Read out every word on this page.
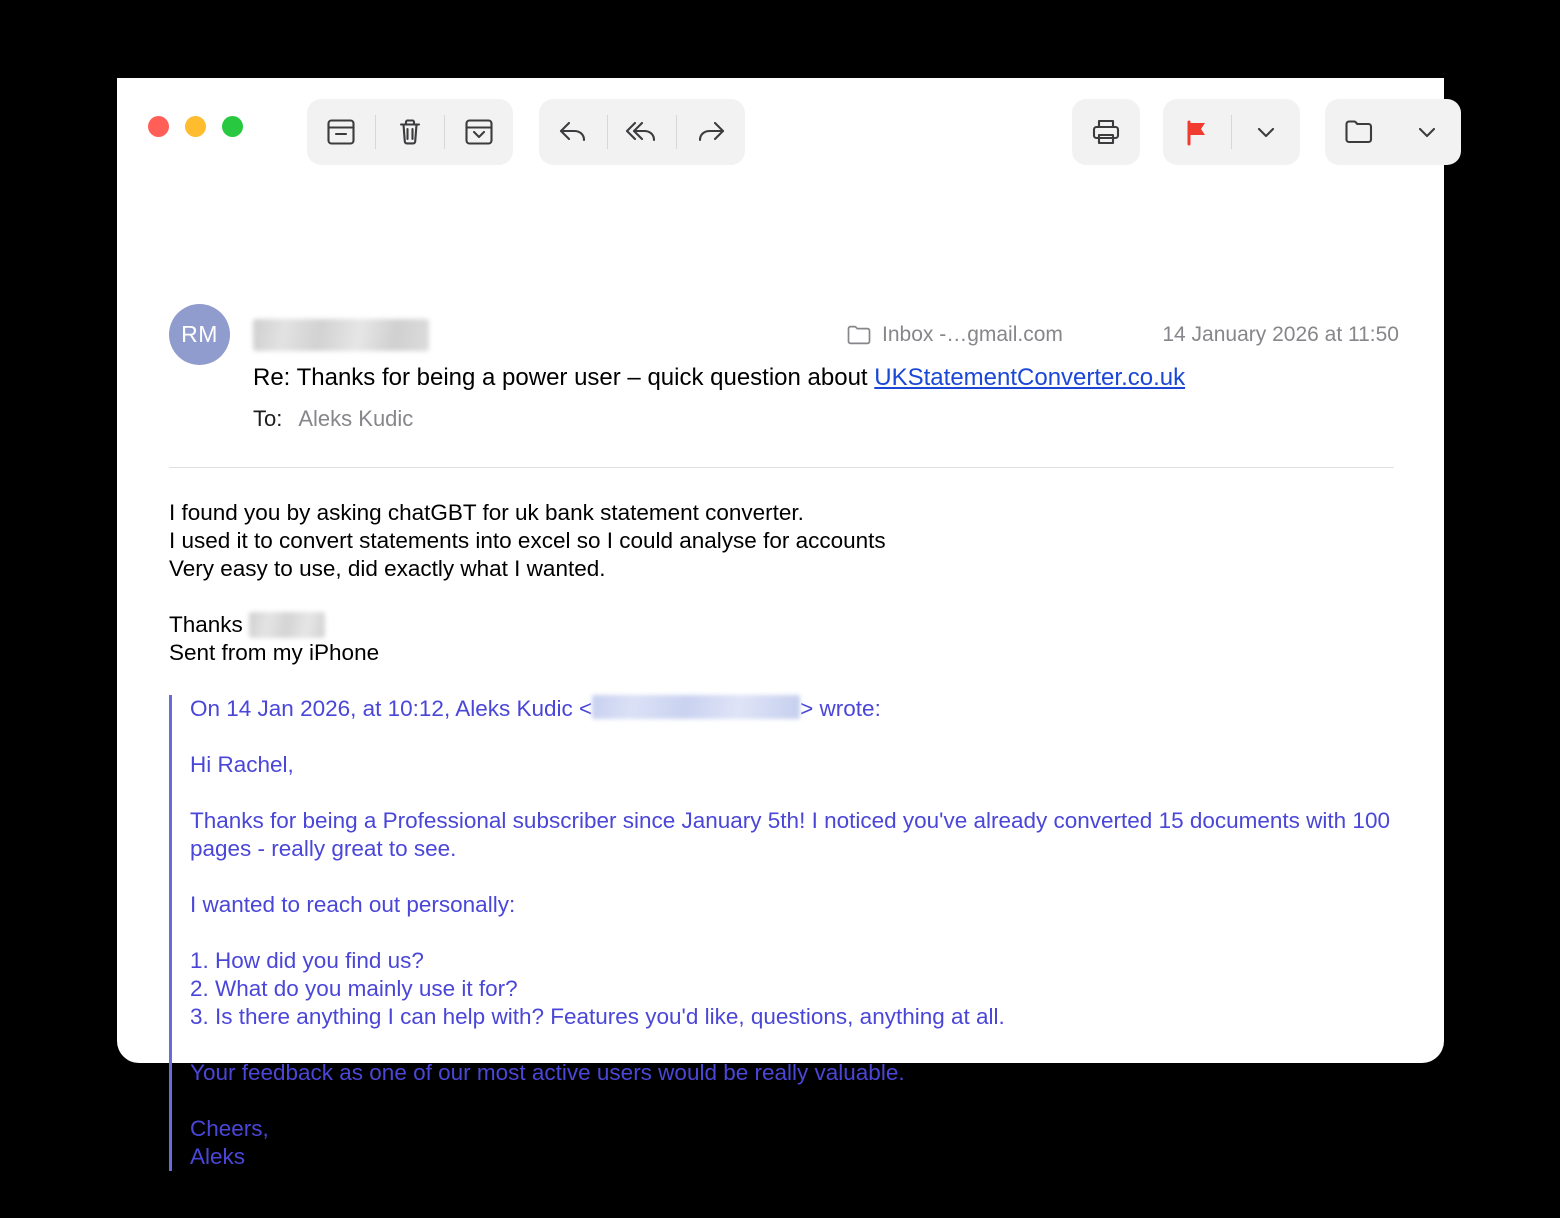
RM	Inbox -…gmail.com	14 January 2026 at 11:50
Re: Thanks for being a power user – quick question about UKStatementConverter.co.uk
To: Aleks Kudic
I found you by asking chatGBT for uk bank statement converter.
I used it to convert statements into excel so I could analyse for accounts
Very easy to use, did exactly what I wanted.
Thanks
Sent from my iPhone
On 14 Jan 2026, at 10:12, Aleks Kudic <	> wrote:
Hi Rachel,
Thanks for being a Professional subscriber since January 5th! I noticed you've already converted 15 documents with 100 pages - really great to see.
I wanted to reach out personally:
1. How did you find us?
2. What do you mainly use it for?
3. Is there anything I can help with? Features you'd like, questions, anything at all.
Your feedback as one of our most active users would be really valuable.
Cheers,
Aleks
